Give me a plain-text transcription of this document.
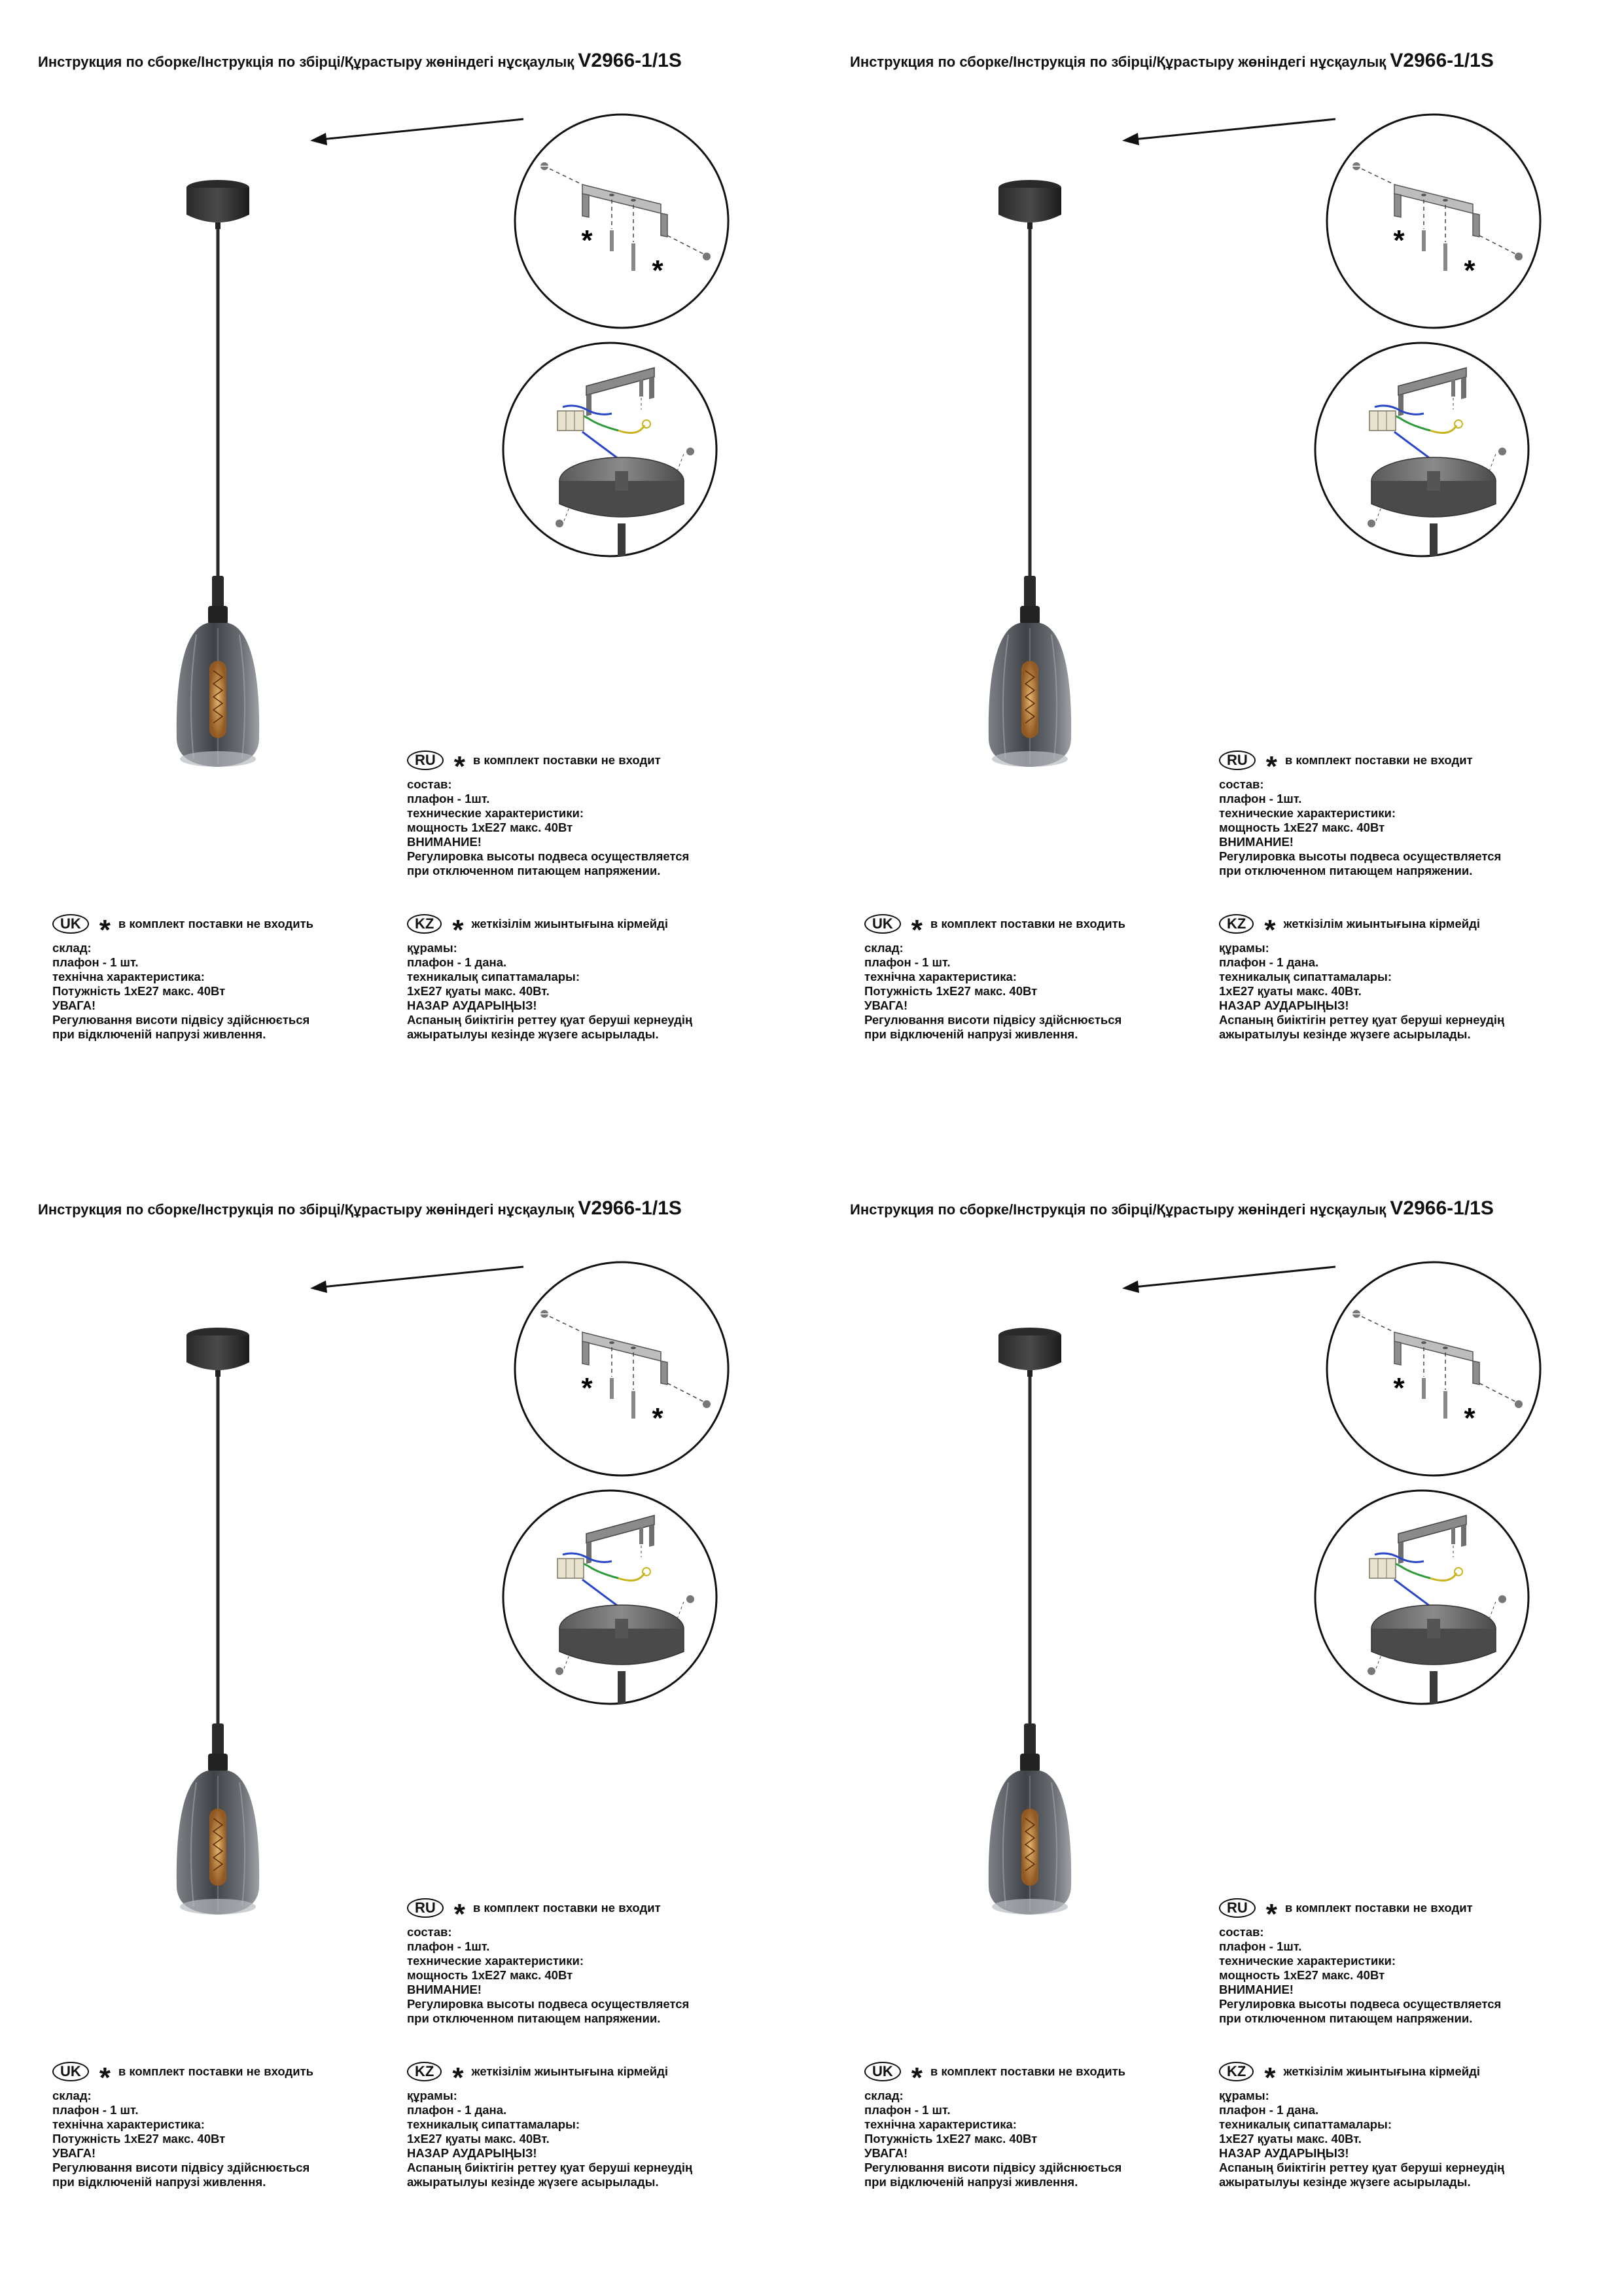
Инструкция по сборке/Інструкція по збірці/Құрастыру жөніндегі нұсқаулық V2966-1/1S
*
*
RU * в комплект поставки не входит
состав:
плафон - 1шт.
технические характеристики:
мощность 1хЕ27 макс. 40Вт
ВНИМАНИЕ!
Регулировка высоты подвеса осуществляется
при отключенном питающем напряжении.
UK * в комплект поставки не входить
склад:
плафон - 1 шт.
технічна характеристика:
Потужність 1хЕ27 макс. 40Вт
УВАГА!
Регулювання висоти підвісу здійснюється
при відключеній напрузі живлення.
KZ * жеткізілім жиынтығына кірмейді
құрамы:
плафон - 1 дана.
техникалық сипаттамалары:
1хЕ27 қуаты макс. 40Вт.
НАЗАР АУДАРЫҢЫЗ!
Аспаның биіктігін реттеу қуат беруші кернеудің
ажыратылуы кезінде жүзеге асырылады.
Инструкция по сборке/Інструкція по збірці/Құрастыру жөніндегі нұсқаулық V2966-1/1S
*
*
RU * в комплект поставки не входит
состав:
плафон - 1шт.
технические характеристики:
мощность 1хЕ27 макс. 40Вт
ВНИМАНИЕ!
Регулировка высоты подвеса осуществляется
при отключенном питающем напряжении.
UK * в комплект поставки не входить
склад:
плафон - 1 шт.
технічна характеристика:
Потужність 1хЕ27 макс. 40Вт
УВАГА!
Регулювання висоти підвісу здійснюється
при відключеній напрузі живлення.
KZ * жеткізілім жиынтығына кірмейді
құрамы:
плафон - 1 дана.
техникалық сипаттамалары:
1хЕ27 қуаты макс. 40Вт.
НАЗАР АУДАРЫҢЫЗ!
Аспаның биіктігін реттеу қуат беруші кернеудің
ажыратылуы кезінде жүзеге асырылады.
Инструкция по сборке/Інструкція по збірці/Құрастыру жөніндегі нұсқаулық V2966-1/1S
*
*
RU * в комплект поставки не входит
состав:
плафон - 1шт.
технические характеристики:
мощность 1хЕ27 макс. 40Вт
ВНИМАНИЕ!
Регулировка высоты подвеса осуществляется
при отключенном питающем напряжении.
UK * в комплект поставки не входить
склад:
плафон - 1 шт.
технічна характеристика:
Потужність 1хЕ27 макс. 40Вт
УВАГА!
Регулювання висоти підвісу здійснюється
при відключеній напрузі живлення.
KZ * жеткізілім жиынтығына кірмейді
құрамы:
плафон - 1 дана.
техникалық сипаттамалары:
1хЕ27 қуаты макс. 40Вт.
НАЗАР АУДАРЫҢЫЗ!
Аспаның биіктігін реттеу қуат беруші кернеудің
ажыратылуы кезінде жүзеге асырылады.
Инструкция по сборке/Інструкція по збірці/Құрастыру жөніндегі нұсқаулық V2966-1/1S
*
*
RU * в комплект поставки не входит
состав:
плафон - 1шт.
технические характеристики:
мощность 1хЕ27 макс. 40Вт
ВНИМАНИЕ!
Регулировка высоты подвеса осуществляется
при отключенном питающем напряжении.
UK * в комплект поставки не входить
склад:
плафон - 1 шт.
технічна характеристика:
Потужність 1хЕ27 макс. 40Вт
УВАГА!
Регулювання висоти підвісу здійснюється
при відключеній напрузі живлення.
KZ * жеткізілім жиынтығына кірмейді
құрамы:
плафон - 1 дана.
техникалық сипаттамалары:
1хЕ27 қуаты макс. 40Вт.
НАЗАР АУДАРЫҢЫЗ!
Аспаның биіктігін реттеу қуат беруші кернеудің
ажыратылуы кезінде жүзеге асырылады.
